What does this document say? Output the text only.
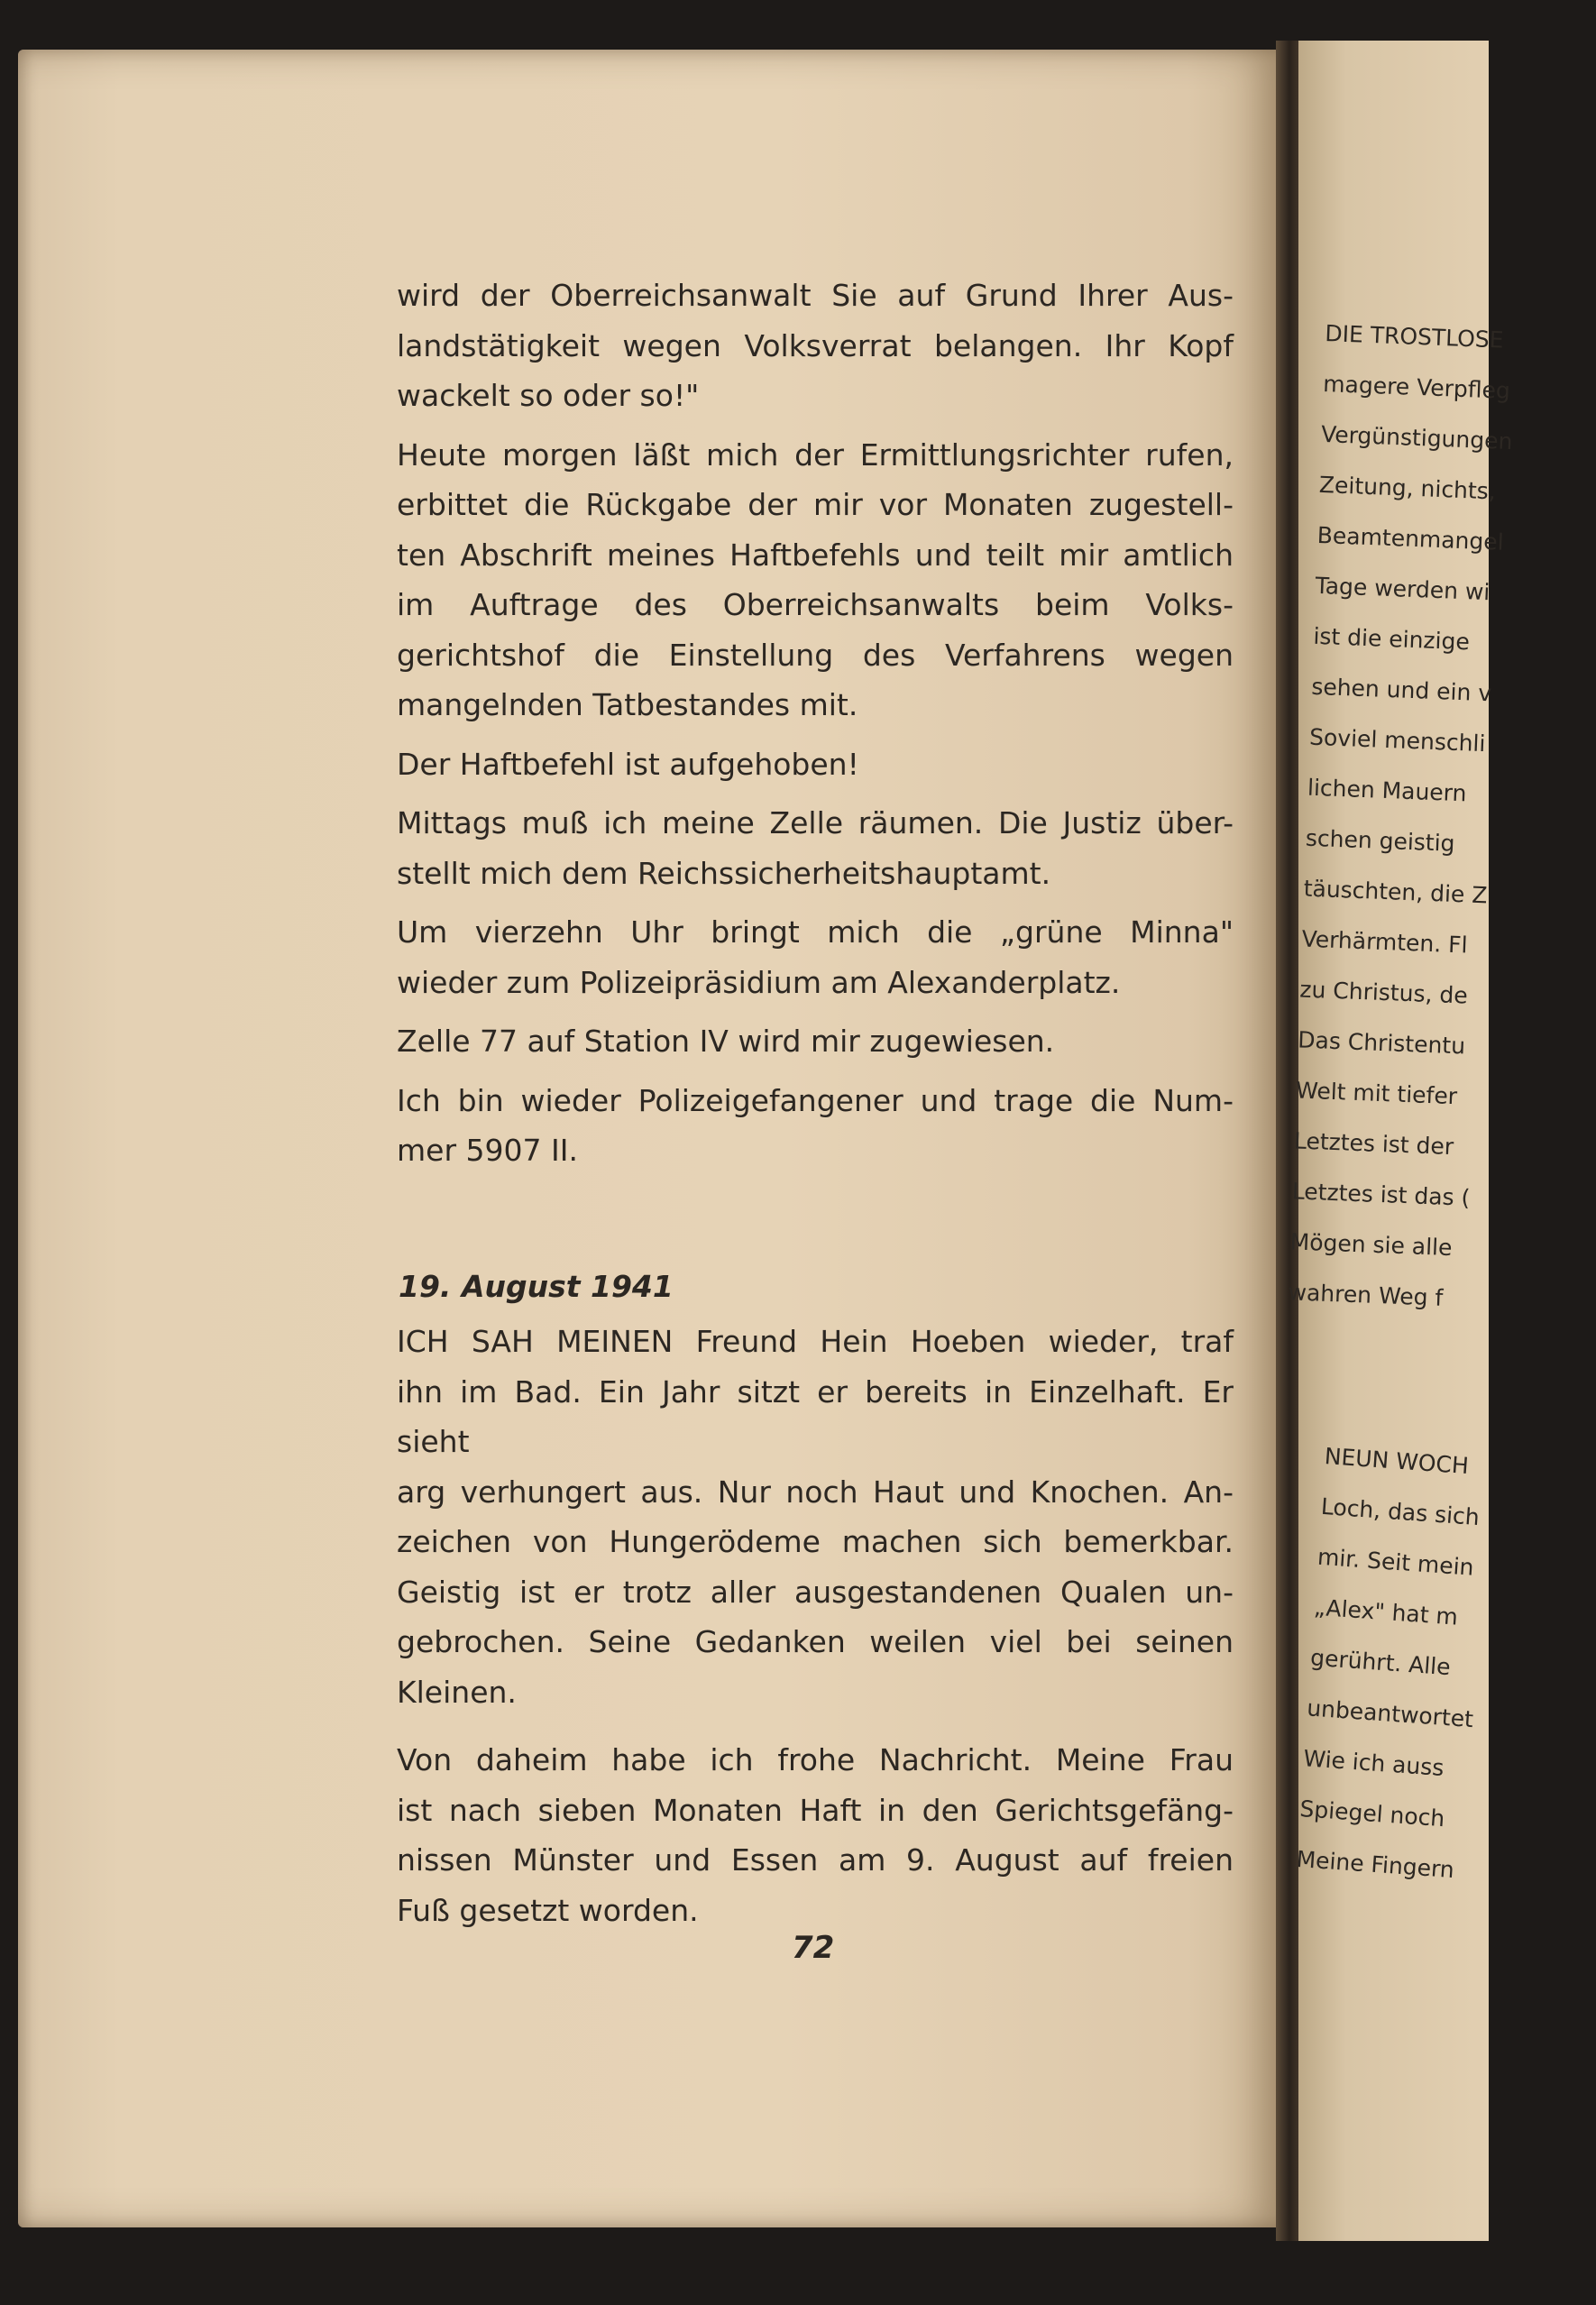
DIE TROSTLOSE
magere Verpfleg
Vergünstigungen
Zeitung, nichts,
Beamtenmangel
Tage werden wi
ist die einzige
sehen und ein v
Soviel menschli
lichen Mauern
schen geistig
täuschten, die Z
Verhärmten. Fl
zu Christus, de
Das Christentu
Welt mit tiefer
Letztes ist der
Letztes ist das (
Mögen sie alle
wahren Weg f
NEUN WOCH
Loch, das sich
mir. Seit mein
„Alex" hat m
gerührt. Alle
unbeantwortet
Wie ich auss
Spiegel noch
Meine Fingern

wird der Oberreichsanwalt Sie auf Grund Ihrer Aus-
landstätigkeit wegen Volksverrat belangen. Ihr Kopf
wackelt so oder so!"

Heute morgen läßt mich der Ermittlungsrichter rufen,
erbittet die Rückgabe der mir vor Monaten zugestell-
ten Abschrift meines Haftbefehls und teilt mir amtlich
im Auftrage des Oberreichsanwalts beim Volks-
gerichtshof die Einstellung des Verfahrens wegen
mangelnden Tatbestandes mit.

Der Haftbefehl ist aufgehoben!

Mittags muß ich meine Zelle räumen. Die Justiz über-
stellt mich dem Reichssicherheitshauptamt.

Um vierzehn Uhr bringt mich die „grüne Minna"
wieder zum Polizeipräsidium am Alexanderplatz.

Zelle 77 auf Station IV wird mir zugewiesen.

Ich bin wieder Polizeigefangener und trage die Num-
mer 5907 II.

19. August 1941

ICH SAH MEINEN Freund Hein Hoeben wieder, traf
ihn im Bad. Ein Jahr sitzt er bereits in Einzelhaft. Er sieht
arg verhungert aus. Nur noch Haut und Knochen. An-
zeichen von Hungerödeme machen sich bemerkbar.
Geistig ist er trotz aller ausgestandenen Qualen un-
gebrochen. Seine Gedanken weilen viel bei seinen
Kleinen.

Von daheim habe ich frohe Nachricht. Meine Frau
ist nach sieben Monaten Haft in den Gerichtsgefäng-
nissen Münster und Essen am 9. August auf freien
Fuß gesetzt worden.

72
